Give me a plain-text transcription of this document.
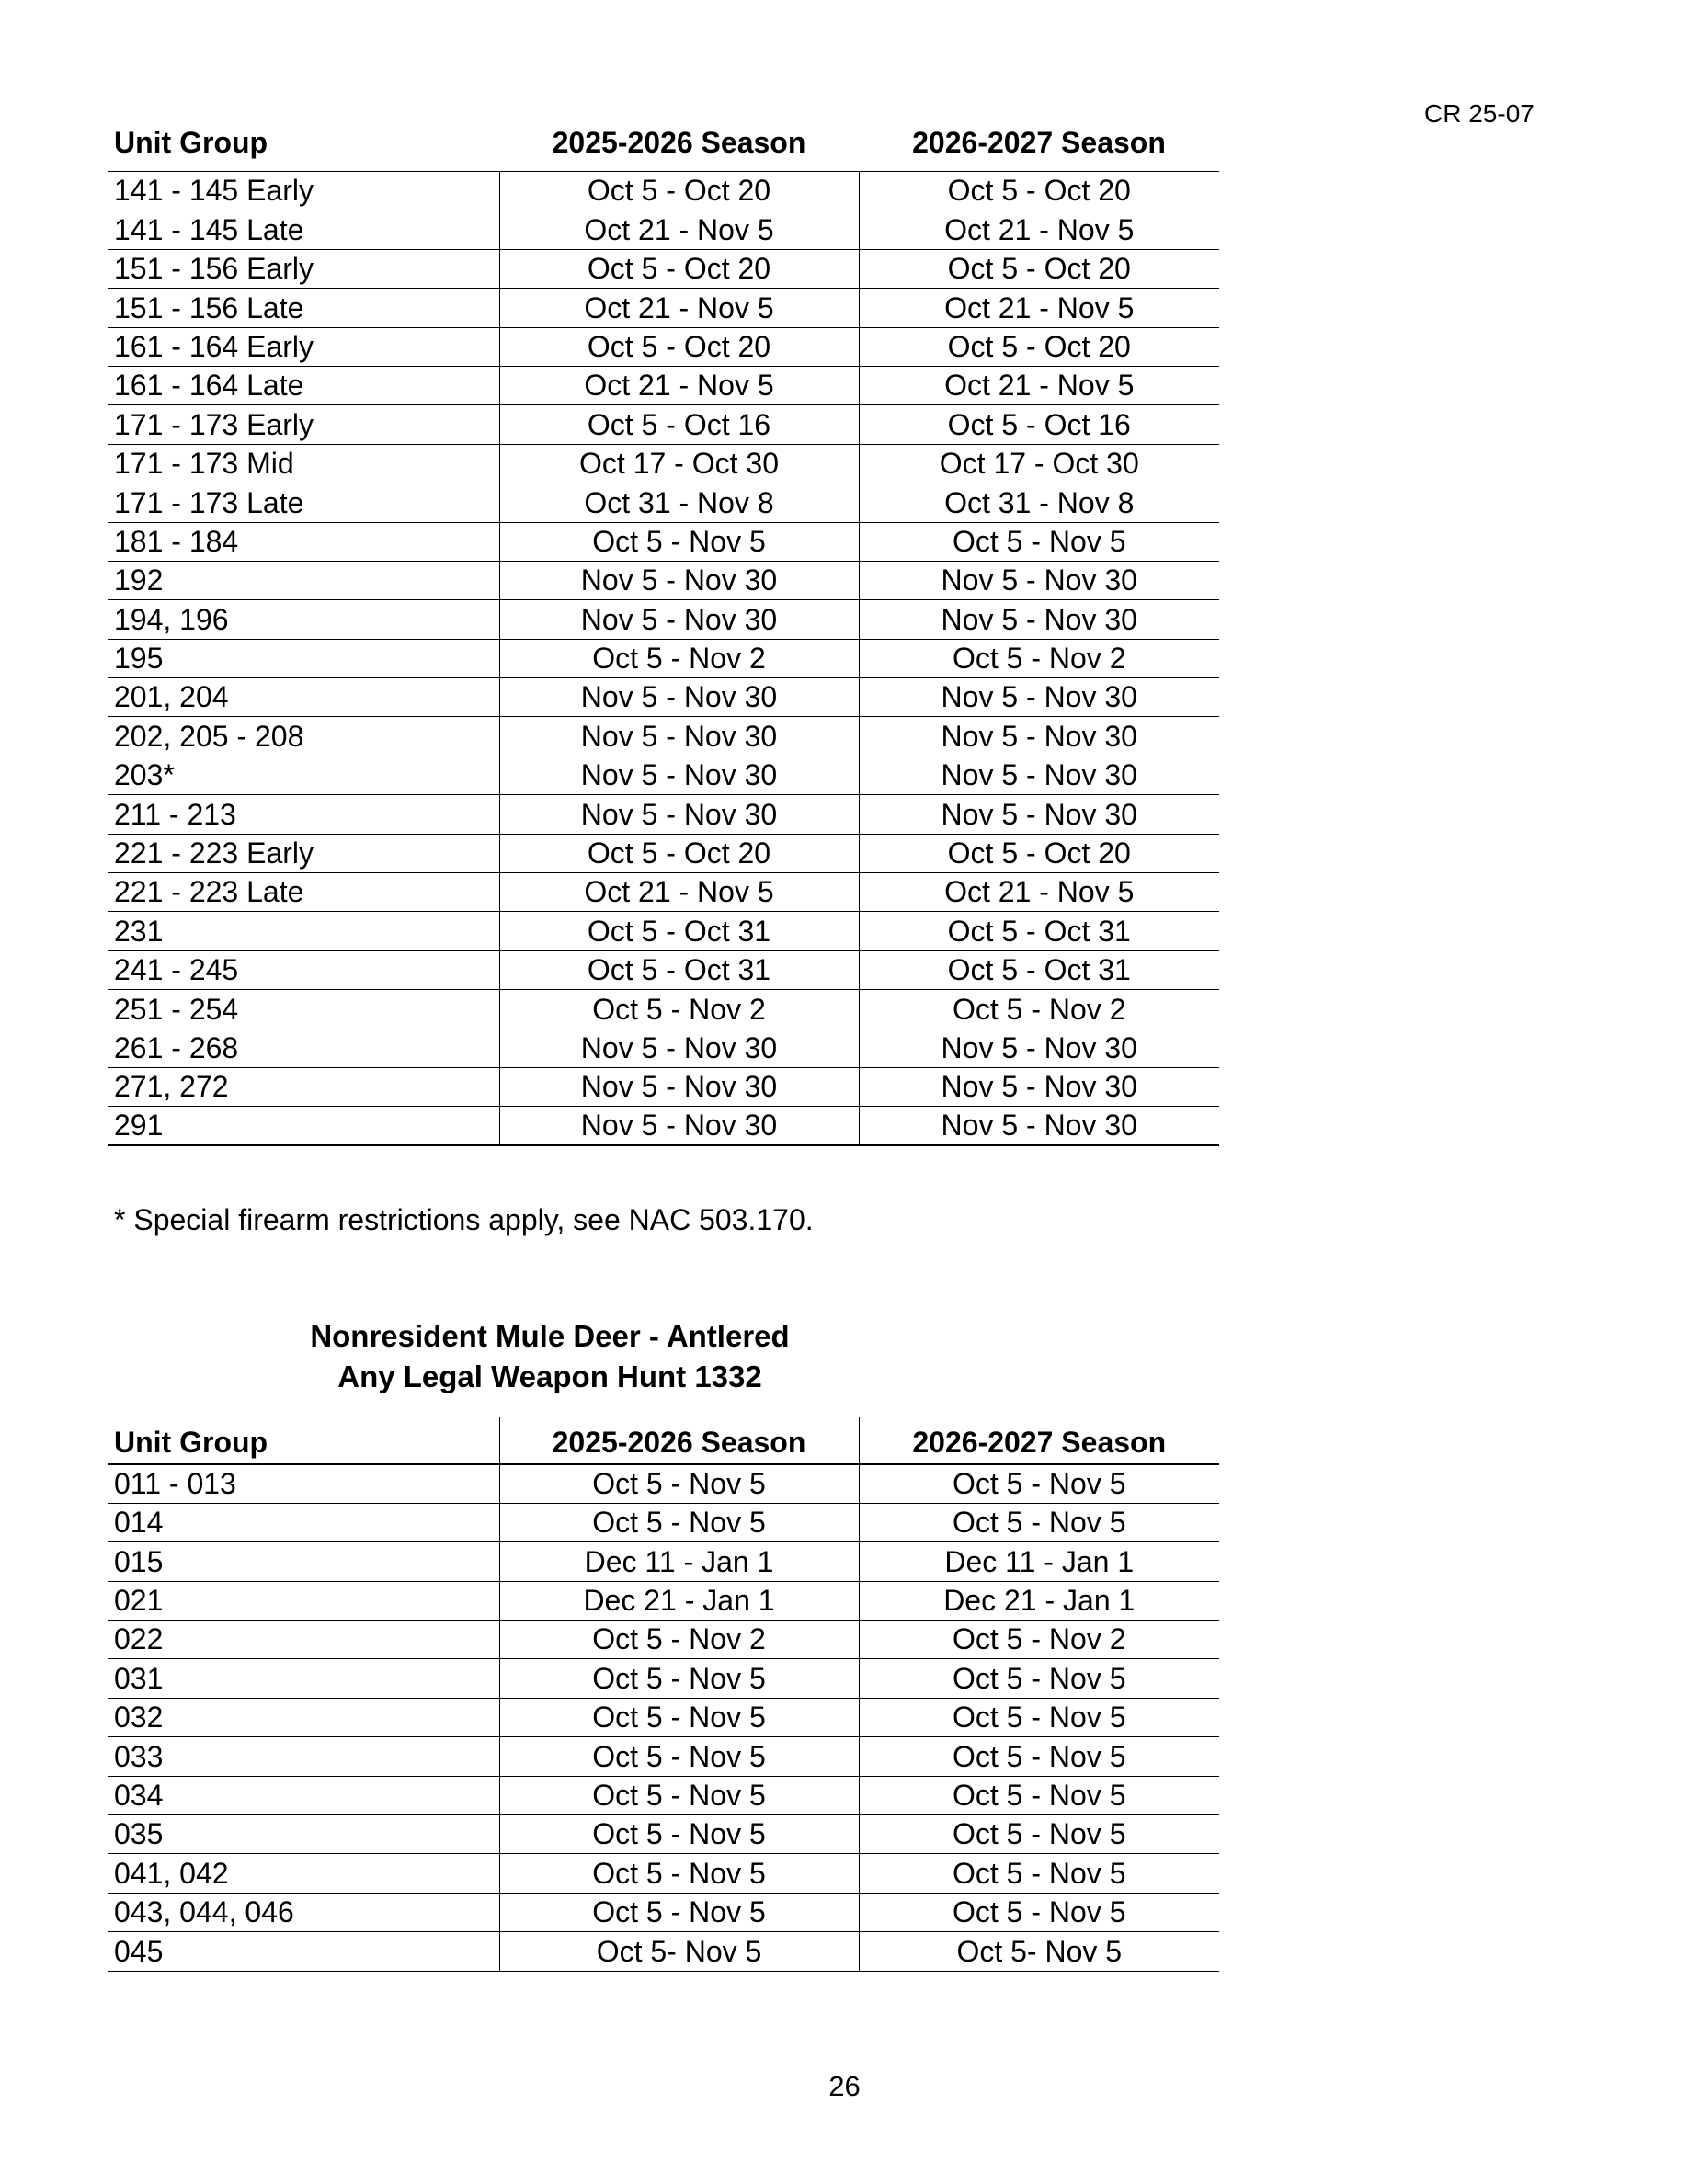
CR 25-07
Unit Group	2025-2026 Season	2026-2027 Season
141 - 145 Early	Oct 5 - Oct 20	Oct 5 - Oct 20
141 - 145 Late	Oct 21 - Nov 5	Oct 21 - Nov 5
151 - 156 Early	Oct 5 - Oct 20	Oct 5 - Oct 20
151 - 156 Late	Oct 21 - Nov 5	Oct 21 - Nov 5
161 - 164 Early	Oct 5 - Oct 20	Oct 5 - Oct 20
161 - 164 Late	Oct 21 - Nov 5	Oct 21 - Nov 5
171 - 173 Early	Oct 5 - Oct 16	Oct 5 - Oct 16
171 - 173 Mid	Oct 17 - Oct 30	Oct 17 - Oct 30
171 - 173 Late	Oct 31 - Nov 8	Oct 31 - Nov 8
181 - 184	Oct 5 - Nov 5	Oct 5 - Nov 5
192	Nov 5 - Nov 30	Nov 5 - Nov 30
194, 196	Nov 5 - Nov 30	Nov 5 - Nov 30
195	Oct 5 - Nov 2	Oct 5 - Nov 2
201, 204	Nov 5 - Nov 30	Nov 5 - Nov 30
202, 205 - 208	Nov 5 - Nov 30	Nov 5 - Nov 30
203*	Nov 5 - Nov 30	Nov 5 - Nov 30
211 - 213	Nov 5 - Nov 30	Nov 5 - Nov 30
221 - 223 Early	Oct 5 - Oct 20	Oct 5 - Oct 20
221 - 223 Late	Oct 21 - Nov 5	Oct 21 - Nov 5
231	Oct 5 - Oct 31	Oct 5 - Oct 31
241 - 245	Oct 5 - Oct 31	Oct 5 - Oct 31
251 - 254	Oct 5 - Nov 2	Oct 5 - Nov 2
261 - 268	Nov 5 - Nov 30	Nov 5 - Nov 30
271, 272	Nov 5 - Nov 30	Nov 5 - Nov 30
291	Nov 5 - Nov 30	Nov 5 - Nov 30
* Special firearm restrictions apply, see NAC 503.170.
Nonresident Mule Deer - Antlered
Any Legal Weapon Hunt 1332
Unit Group	2025-2026 Season	2026-2027 Season
011 - 013	Oct 5 - Nov 5	Oct 5 - Nov 5
014	Oct 5 - Nov 5	Oct 5 - Nov 5
015	Dec 11 - Jan 1	Dec 11 - Jan 1
021	Dec 21 - Jan 1	Dec 21 - Jan 1
022	Oct 5 - Nov 2	Oct 5 - Nov 2
031	Oct 5 - Nov 5	Oct 5 - Nov 5
032	Oct 5 - Nov 5	Oct 5 - Nov 5
033	Oct 5 - Nov 5	Oct 5 - Nov 5
034	Oct 5 - Nov 5	Oct 5 - Nov 5
035	Oct 5 - Nov 5	Oct 5 - Nov 5
041, 042	Oct 5 - Nov 5	Oct 5 - Nov 5
043, 044, 046	Oct 5 - Nov 5	Oct 5 - Nov 5
045	Oct 5- Nov 5	Oct 5- Nov 5
26
